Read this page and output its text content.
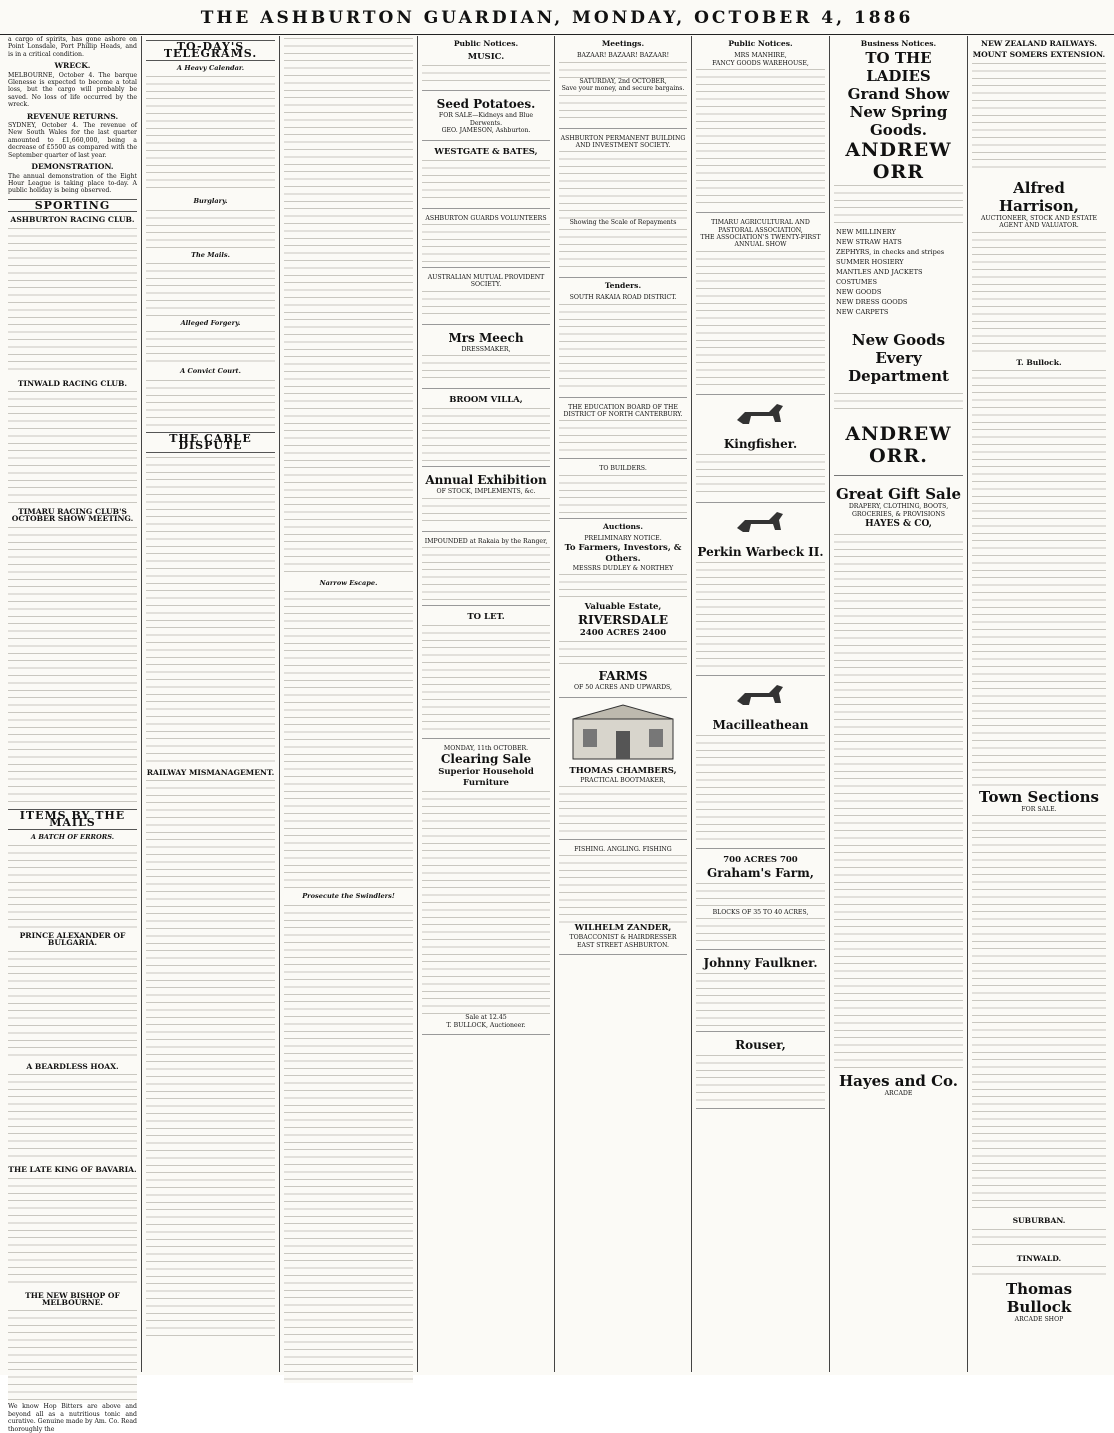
THE ASHBURTON GUARDIAN, MONDAY, OCTOBER 4, 1886

a cargo of spirits, has gone ashore on Point Lonsdale, Port Phillip Heads, and is in a critical condition.

WRECK.

MELBOURNE, October 4. The barque Glenesse is expected to become a total loss, but the cargo will probably be saved. No loss of life occurred by the wreck.

REVENUE RETURNS.

SYDNEY, October 4. The revenue of New South Wales for the last quarter amounted to £1,660,000, being a decrease of £5500 as compared with the September quarter of last year.

DEMONSTRATION.

The annual demonstration of the Eight Hour League is taking place to-day. A public holiday is being observed.

SPORTING
ASHBURTON RACING CLUB.
TINWALD RACING CLUB.
TIMARU RACING CLUB'S OCTOBER SHOW MEETING.
ITEMS BY THE MAILS
A BATCH OF ERRORS.
PRINCE ALEXANDER OF BULGARIA.
A BEARDLESS HOAX.
THE LATE KING OF BAVARIA.
THE NEW BISHOP OF MELBOURNE.

We know Hop Bitters are above and beyond all as a nutritious tonic and curative. Genuine made by Am. Co. Read thoroughly the

TO-DAY'S TELEGRAMS.
A Heavy Calendar.
Burglary.
The Mails.
Alleged Forgery.
A Convict Court.
THE CABLE DISPUTE
RAILWAY MISMANAGEMENT.
Narrow Escape.
Prosecute the Swindlers!
Public Notices.
MUSIC.
Seed Potatoes.
FOR SALE—Kidneys and Blue Derwents.
GEO. JAMESON, Ashburton.
WESTGATE & BATES,
ASHBURTON GUARDS VOLUNTEERS
AUSTRALIAN MUTUAL PROVIDENT SOCIETY.
Mrs Meech
DRESSMAKER,
BROOM VILLA,
Annual Exhibition
OF STOCK, IMPLEMENTS, &c.
IMPOUNDED at Rakaia by the Ranger,
TO LET.
MONDAY, 11th OCTOBER.
Clearing Sale
Superior Household Furniture
Sale at 12.45
T. BULLOCK, Auctioneer.
Meetings.
BAZAAR! BAZAAR! BAZAAR!
SATURDAY, 2nd OCTOBER,
Save your money, and secure bargains.
ASHBURTON PERMANENT BUILDING AND INVESTMENT SOCIETY.
Showing the Scale of Repayments
Tenders.
SOUTH RAKAIA ROAD DISTRICT.
THE EDUCATION BOARD OF THE DISTRICT OF NORTH CANTERBURY.
TO BUILDERS.
Auctions.
PRELIMINARY NOTICE.
To Farmers, Investors, & Others.
MESSRS DUDLEY & NORTHEY
Valuable Estate,
RIVERSDALE
2400 ACRES 2400
FARMS
OF 50 ACRES AND UPWARDS,
THOMAS CHAMBERS,
PRACTICAL BOOTMAKER,
FISHING. ANGLING. FISHING
WILHELM ZANDER,
TOBACCONIST & HAIRDRESSER
EAST STREET ASHBURTON.
Public Notices.
MRS MANHIRE,
FANCY GOODS WAREHOUSE,
TIMARU AGRICULTURAL AND PASTORAL ASSOCIATION,
THE ASSOCIATION'S TWENTY-FIRST ANNUAL SHOW
Kingfisher.
Perkin Warbeck II.
Macilleathean
700 ACRES 700
Graham's Farm,
BLOCKS OF 35 TO 40 ACRES,
Johnny Faulkner.
Rouser,
Business Notices.
TO THE LADIES
Grand Show
New Spring Goods.
ANDREW ORR
NEW MILLINERY
NEW STRAW HATS
ZEPHYRS, in checks and stripes
SUMMER HOSIERY
MANTLES AND JACKETS
COSTUMES
NEW GOODS
NEW DRESS GOODS
NEW CARPETS
New Goods
Every Department
ANDREW ORR.
Great Gift Sale
DRAPERY, CLOTHING, BOOTS, GROCERIES, & PROVISIONS
HAYES & CO,
Hayes and Co.
ARCADE
NEW ZEALAND RAILWAYS.
MOUNT SOMERS EXTENSION.
Alfred Harrison,
AUCTIONEER, STOCK AND ESTATE AGENT AND VALUATOR.
T. Bullock.
Town Sections
FOR SALE.
SUBURBAN.
TINWALD.
Thomas Bullock
ARCADE SHOP
